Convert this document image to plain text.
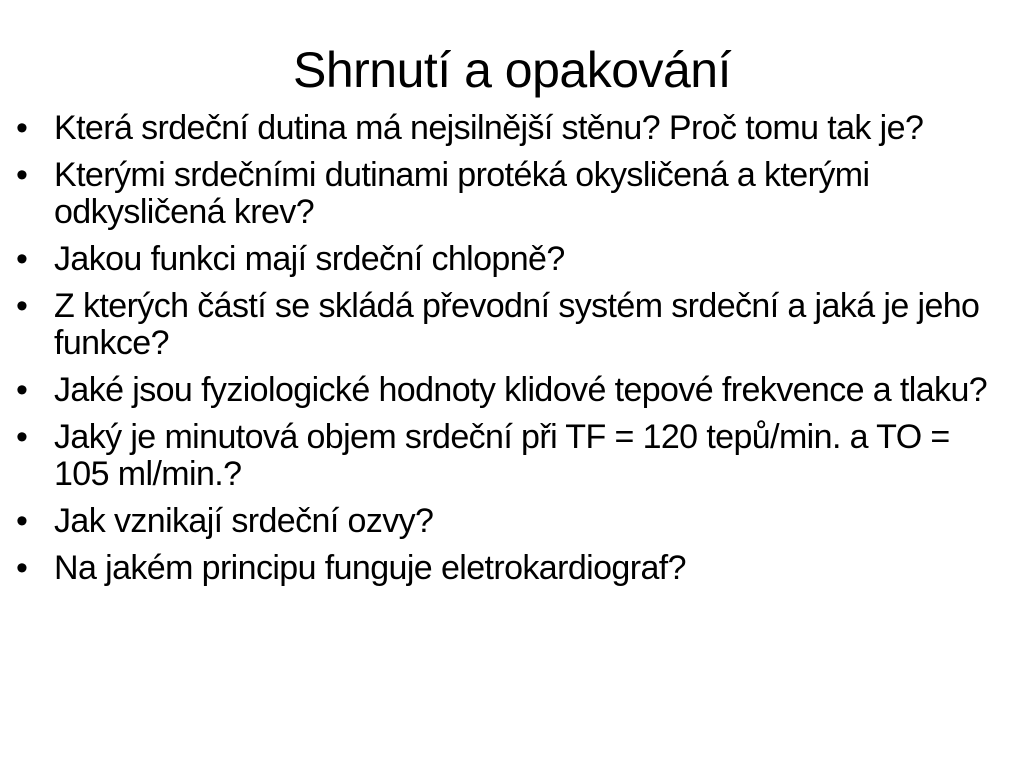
Shrnutí a opakování
• Která srdeční dutina má nejsilnější stěnu? Proč tomu tak je?
• Kterými srdečními dutinami protéká okysličená a kterými odkysličená krev?
• Jakou funkci mají srdeční chlopně?
• Z kterých částí se skládá převodní systém srdeční a jaká je jeho funkce?
• Jaké jsou fyziologické hodnoty klidové tepové frekvence a tlaku?
• Jaký je minutová objem srdeční při TF = 120 tepů/min. a TO = 105 ml/min.?
• Jak vznikají srdeční ozvy?
• Na jakém principu funguje eletrokardiograf?
